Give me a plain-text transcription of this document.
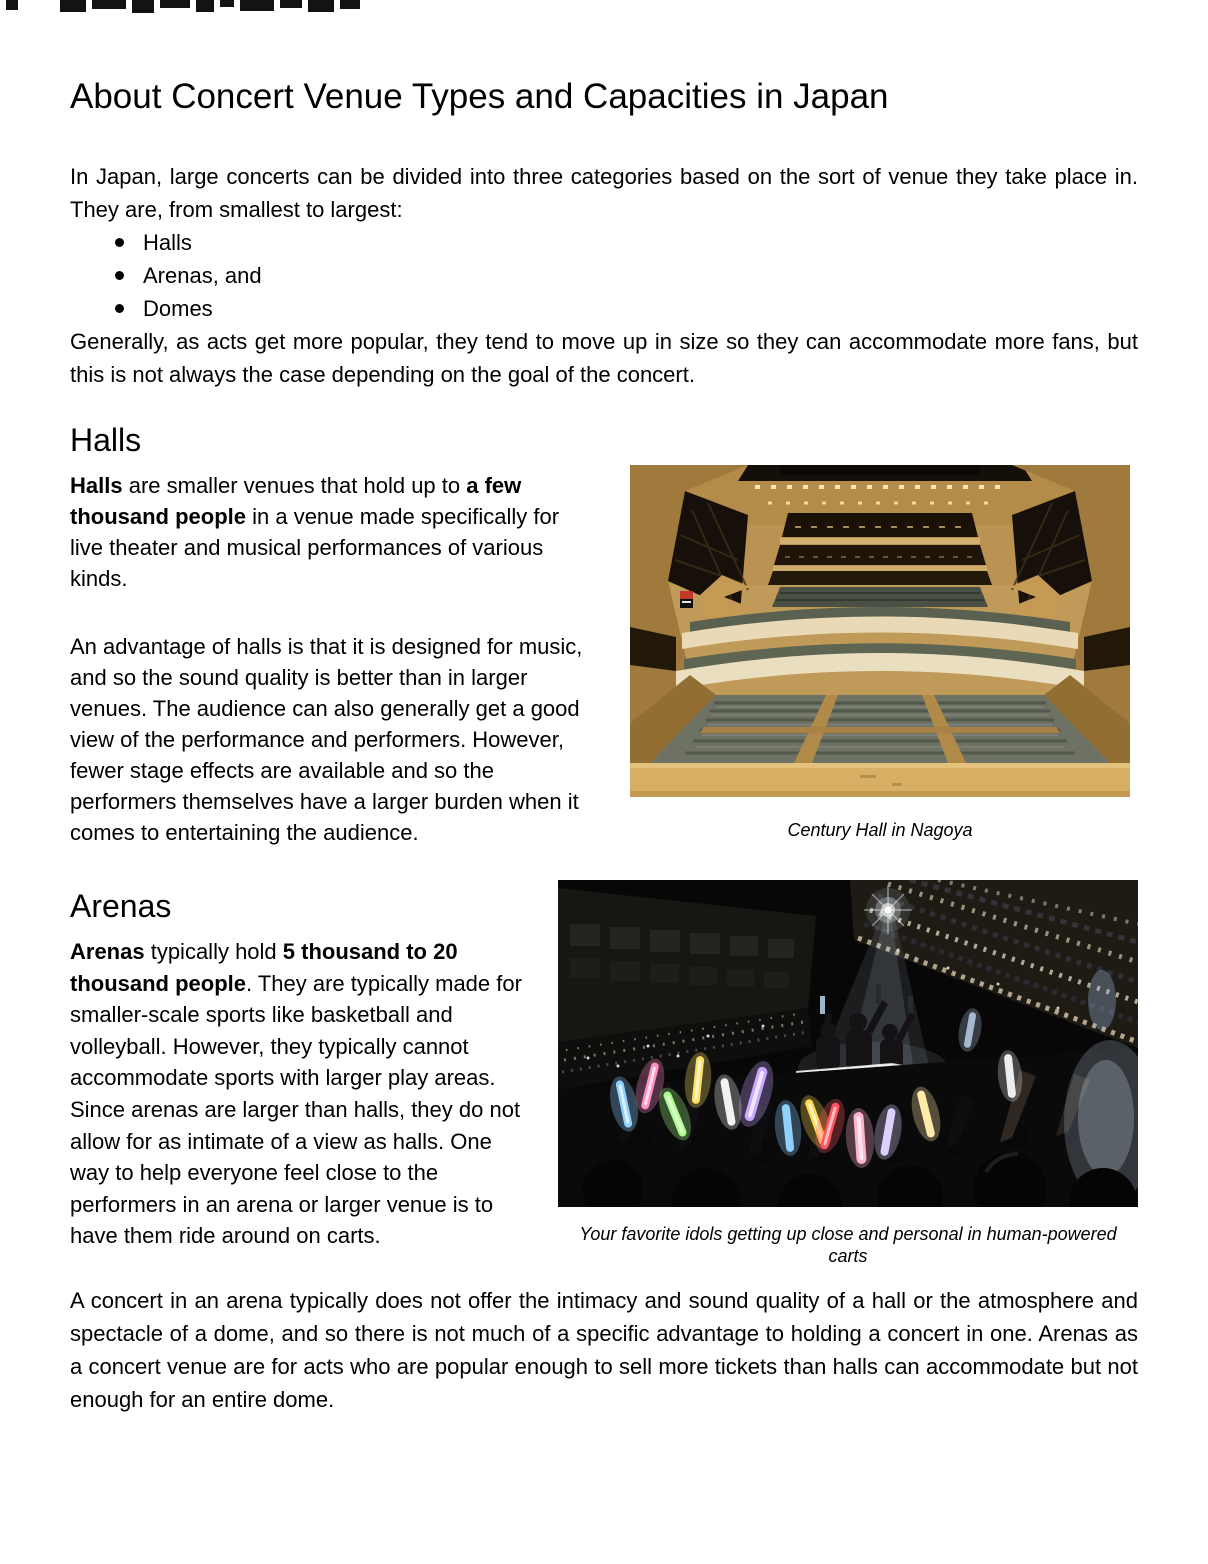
About Concert Venue Types and Capacities in Japan

In Japan, large concerts can be divided into three categories based on the sort of venue they take place in. They are, from smallest to largest:

Halls
Arenas, and
Domes

Generally, as acts get more popular, they tend to move up in size so they can accommodate more fans, but this is not always the case depending on the goal of the concert.

Halls

Halls are smaller venues that hold up to a few thousand people in a venue made specifically for live theater and musical performances of various kinds.

An advantage of halls is that it is designed for music, and so the sound quality is better than in larger venues. The audience can also generally get a good view of the performance and performers. However, fewer stage effects are available and so the performers themselves have a larger burden when it comes to entertaining the audience.	Century Hall in Nagoya
Arenas

Arenas typically hold 5 thousand to 20 thousand people. They are typically made for smaller-scale sports like basketball and volleyball. However, they typically cannot accommodate sports with larger play areas. Since arenas are larger than halls, they do not allow for as intimate of a view as halls. One way to help everyone feel close to the performers in an arena or larger venue is to have them ride around on carts.	Your favorite idols getting up close and personal in human-powered carts

A concert in an arena typically does not offer the intimacy and sound quality of a hall or the atmosphere and spectacle of a dome, and so there is not much of a specific advantage to holding a concert in one. Arenas as a concert venue are for acts who are popular enough to sell more tickets than halls can accommodate but not enough for an entire dome.
